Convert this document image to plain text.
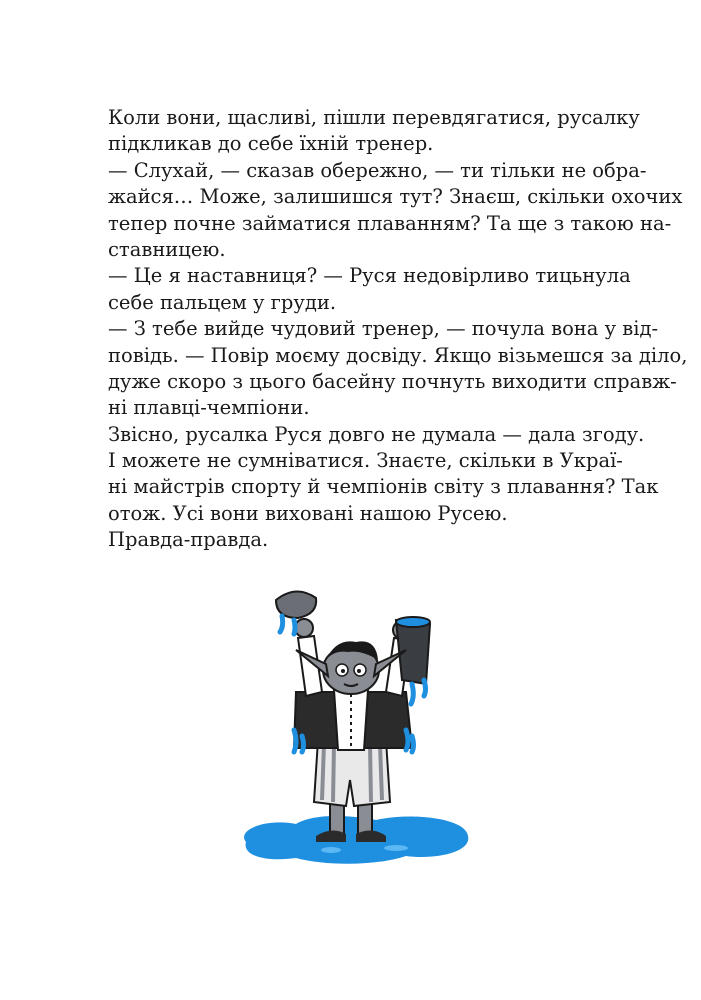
Коли вони, щасливі, пішли перевдягатися, русалку
підкликав до себе їхній тренер.
— Слухай, — сказав обережно, — ти тільки не обра-
жайся… Може, залишишся тут? Знаєш, скільки охочих
тепер почне займатися плаванням? Та ще з такою на-
ставницею.
— Це я наставниця? — Руся недовірливо тицьнула
себе пальцем у груди.
— З тебе вийде чудовий тренер, — почула вона у від-
повідь. — Повір моєму досвіду. Якщо візьмешся за діло,
дуже скоро з цього басейну почнуть виходити справж-
ні плавці-чемпіони.
Звісно, русалка Руся довго не думала — дала згоду.
І можете не сумніватися. Знаєте, скільки в Украї-
ні майстрів спорту й чемпіонів світу з плавання? Так
отож. Усі вони виховані нашою Русею.
Правда-правда.
